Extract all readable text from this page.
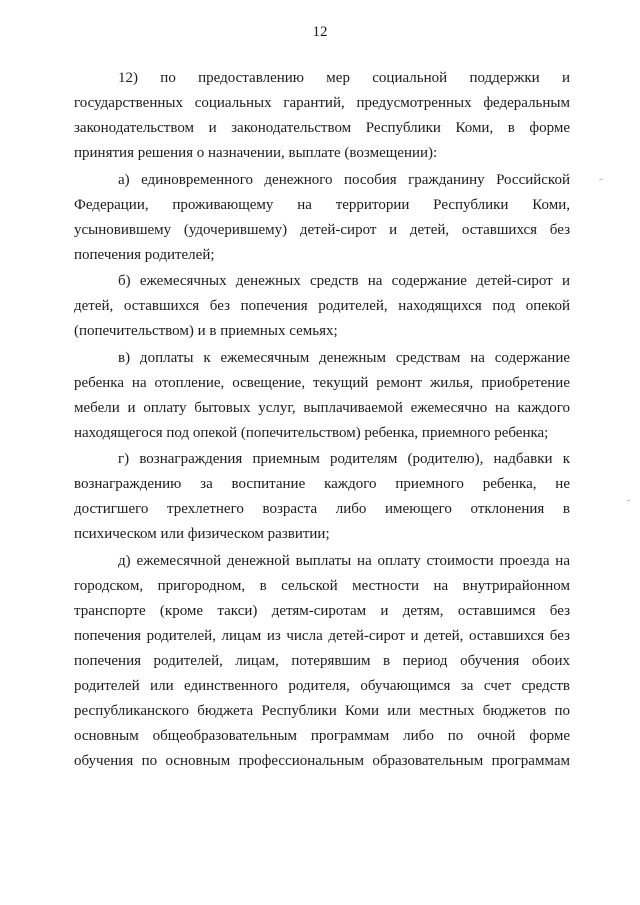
12
12) по предоставлению мер социальной поддержки и
государственных социальных гарантий, предусмотренных федеральным
законодательством и законодательством Республики Коми, в форме
принятия решения о назначении, выплате (возмещении):
а) единовременного денежного пособия гражданину Российской
Федерации, проживающему на территории Республики Коми,
усыновившему (удочерившему) детей-сирот и детей, оставшихся без
попечения родителей;
б) ежемесячных денежных средств на содержание детей-сирот и
детей, оставшихся без попечения родителей, находящихся под опекой
(попечительством) и в приемных семьях;
в) доплаты к ежемесячным денежным средствам на содержание
ребенка на отопление, освещение, текущий ремонт жилья, приобретение
мебели и оплату бытовых услуг, выплачиваемой ежемесячно на каждого
находящегося под опекой (попечительством) ребенка, приемного ребенка;
г) вознаграждения приемным родителям (родителю), надбавки к
вознаграждению за воспитание каждого приемного ребенка, не
достигшего трехлетнего возраста либо имеющего отклонения в
психическом или физическом развитии;
д) ежемесячной денежной выплаты на оплату стоимости проезда на
городском, пригородном, в сельской местности на внутрирайонном
транспорте (кроме такси) детям-сиротам и детям, оставшимся без
попечения родителей, лицам из числа детей-сирот и детей, оставшихся без
попечения родителей, лицам, потерявшим в период обучения обоих
родителей или единственного родителя, обучающимся за счет средств
республиканского бюджета Республики Коми или местных бюджетов по
основным общеобразовательным программам либо по очной форме
обучения по основным профессиональным образовательным программам
